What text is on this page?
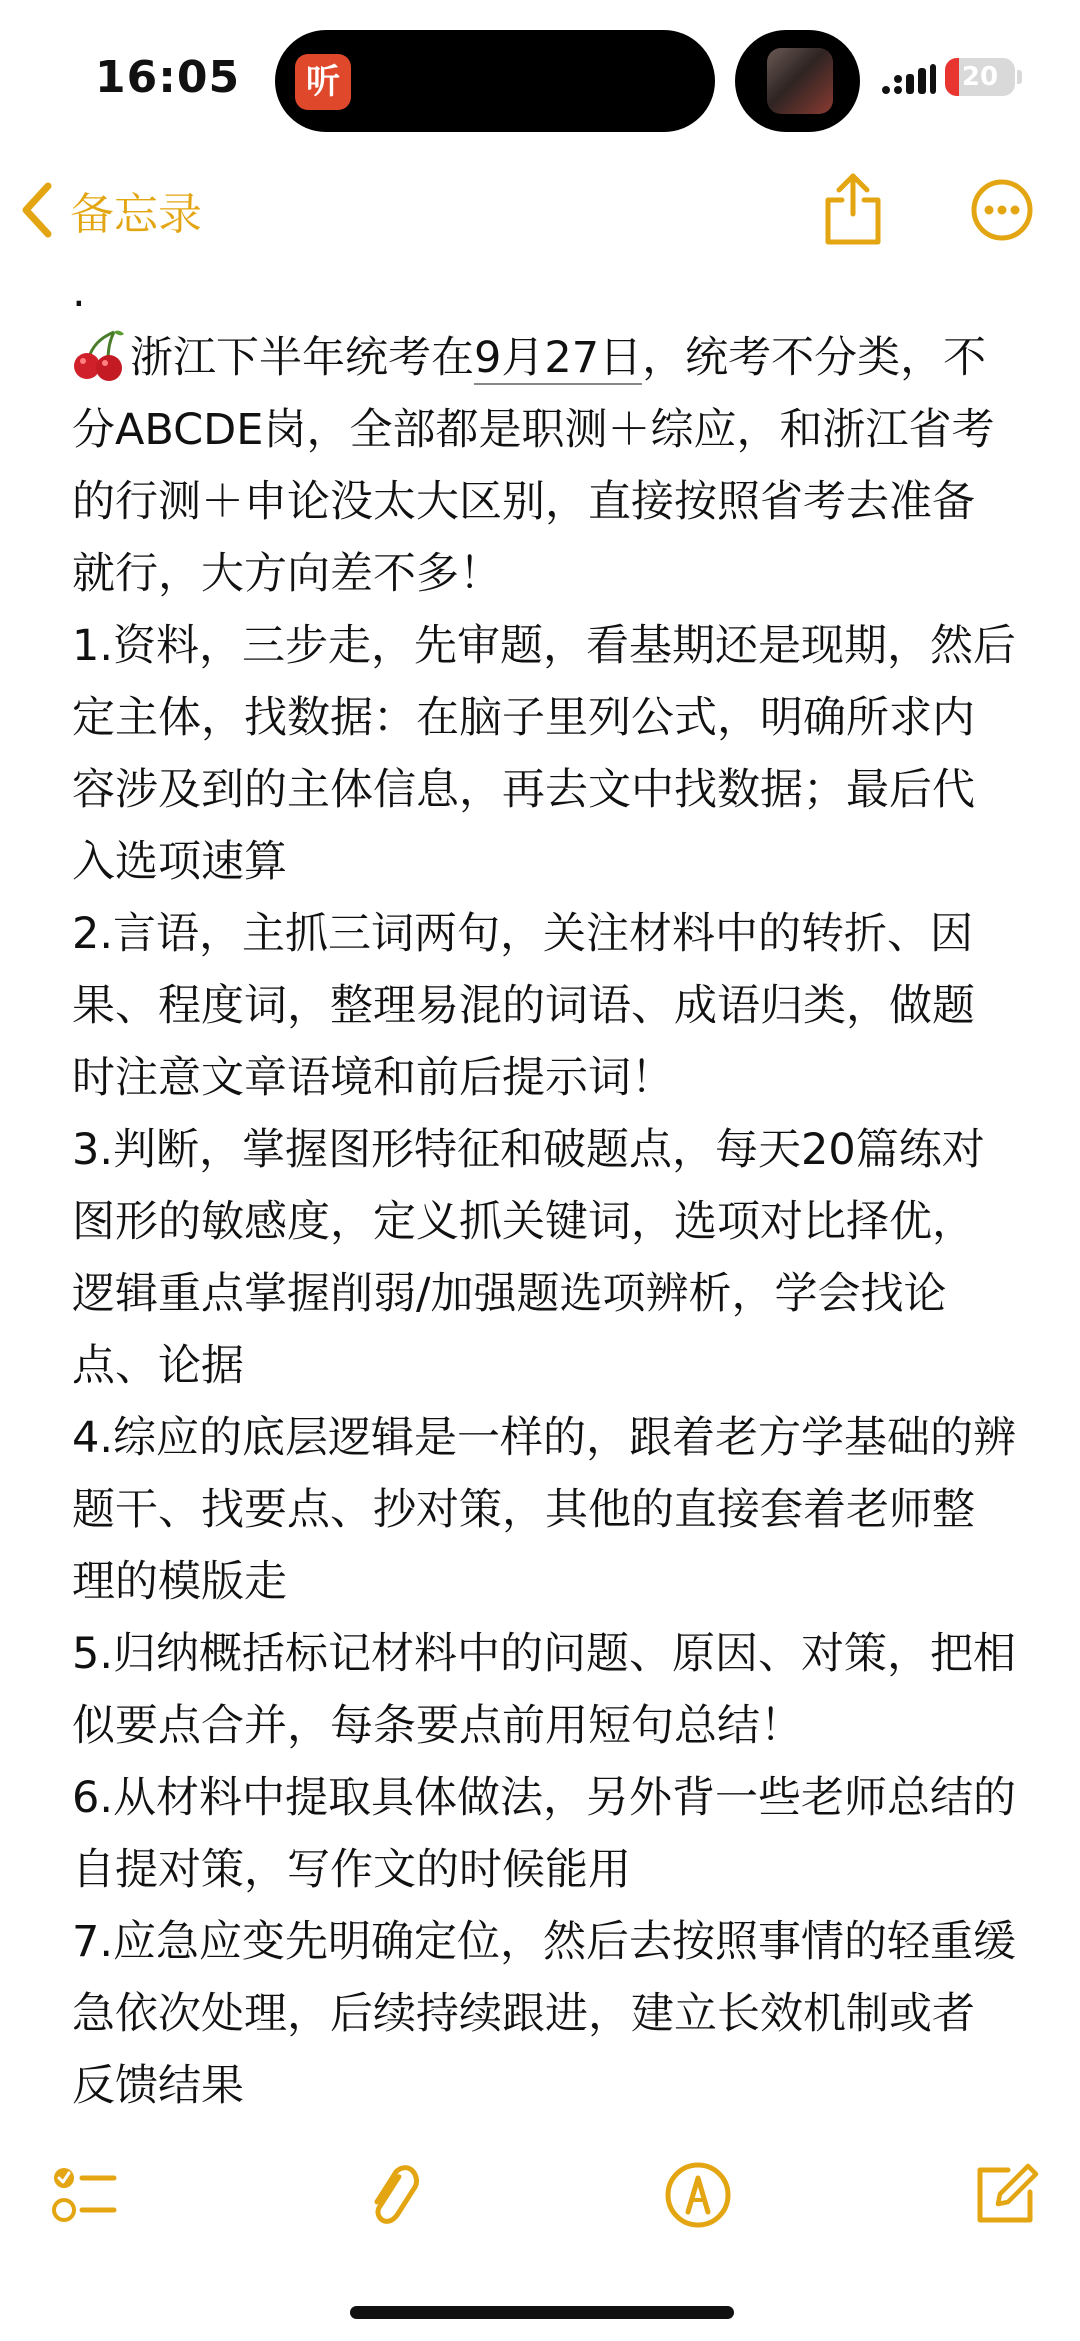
16:05	听	20
备忘录

.

浙江下半年统考在9月27日，统考不分类，不分ABCDE岗，全部都是职测＋综应，和浙江省考的行测＋申论没太大区别，直接按照省考去准备就行，大方向差不多！

1.资料，三步走，先审题，看基期还是现期，然后定主体，找数据：在脑子里列公式，明确所求内容涉及到的主体信息，再去文中找数据；最后代入选项速算

2.言语，主抓三词两句，关注材料中的转折、因果、程度词，整理易混的词语、成语归类，做题时注意文章语境和前后提示词！

3.判断，掌握图形特征和破题点，每天20篇练对图形的敏感度，定义抓关键词，选项对比择优，逻辑重点掌握削弱/加强题选项辨析，学会找论点、论据

4.综应的底层逻辑是一样的，跟着老方学基础的辨题干、找要点、抄对策，其他的直接套着老师整理的模版走

5.归纳概括标记材料中的问题、原因、对策，把相似要点合并，每条要点前用短句总结！

6.从材料中提取具体做法，另外背一些老师总结的自提对策，写作文的时候能用

7.应急应变先明确定位，然后去按照事情的轻重缓急依次处理，后续持续跟进，建立长效机制或者反馈结果
